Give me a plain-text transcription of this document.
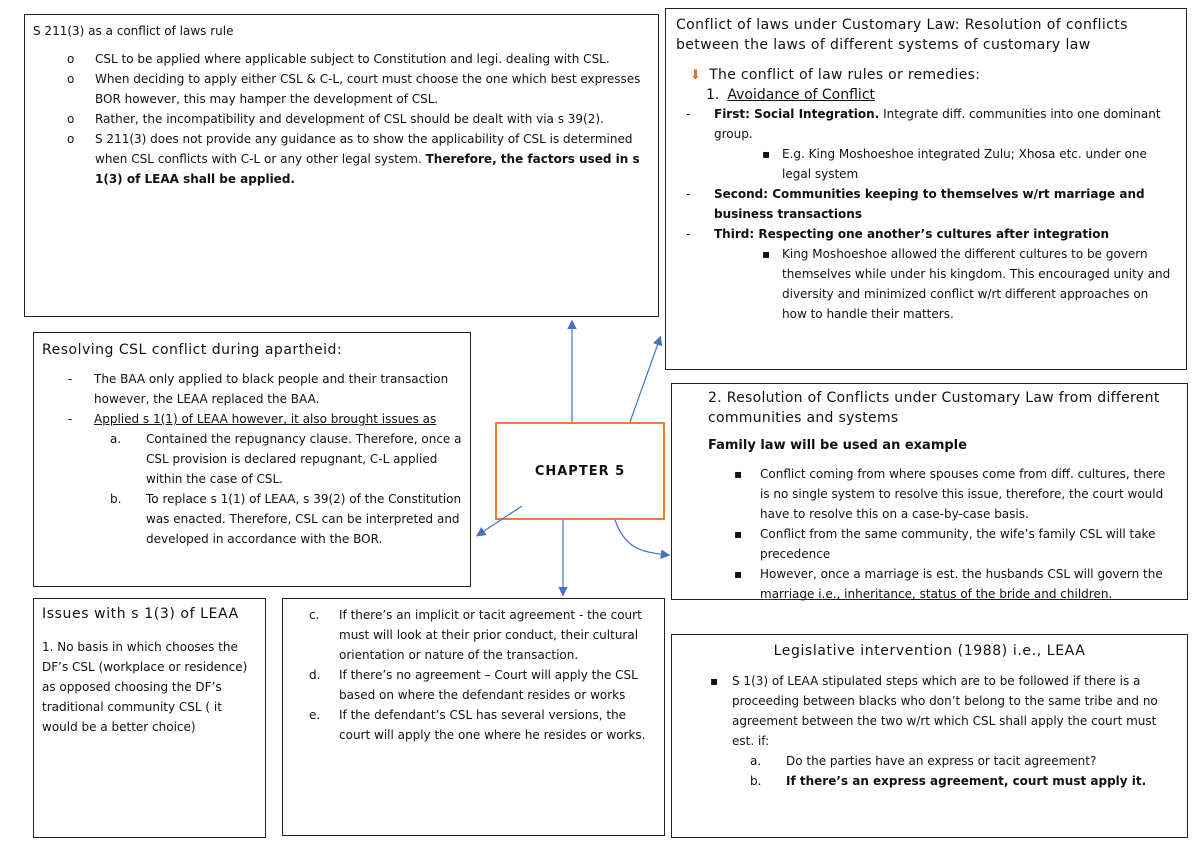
S 211(3) as a conflict of laws rule
o CSL to be applied where applicable subject to Constitution and legi. dealing with CSL.
o When deciding to apply either CSL & C-L, court must choose the one which best expresses BOR however, this may hamper the development of CSL.
o Rather, the incompatibility and development of CSL should be dealt with via s 39(2).
o S 211(3) does not provide any guidance as to show the applicability of CSL is determined when CSL conflicts with C-L or any other legal system. Therefore, the factors used in s 1(3) of LEAA shall be applied.
Conflict of laws under Customary Law: Resolution of conflicts between the laws of different systems of customary law
⬇ The conflict of law rules or remedies:
1. Avoidance of Conflict
- First: Social Integration. Integrate diff. communities into one dominant group.
▪ E.g. King Moshoeshoe integrated Zulu; Xhosa etc. under one legal system
- Second: Communities keeping to themselves w/rt marriage and business transactions
- Third: Respecting one another’s cultures after integration
▪ King Moshoeshoe allowed the different cultures to be govern themselves while under his kingdom. This encouraged unity and diversity and minimized conflict w/rt different approaches on how to handle their matters.
Resolving CSL conflict during apartheid:
- The BAA only applied to black people and their transaction however, the LEAA replaced the BAA.
- Applied s 1(1) of LEAA however, it also brought issues as
a. Contained the repugnancy clause. Therefore, once a CSL provision is declared repugnant, C-L applied within the case of CSL.
b. To replace s 1(1) of LEAA, s 39(2) of the Constitution was enacted. Therefore, CSL can be interpreted and developed in accordance with the BOR.
CHAPTER 5
2. Resolution of Conflicts under Customary Law from different communities and systems
Family law will be used an example
▪ Conflict coming from where spouses come from diff. cultures, there is no single system to resolve this issue, therefore, the court would have to resolve this on a case-by-case basis.
▪ Conflict from the same community, the wife’s family CSL will take precedence
▪ However, once a marriage is est. the husbands CSL will govern the marriage i.e., inheritance, status of the bride and children.
Issues with s 1(3) of LEAA
1. No basis in which chooses the DF’s CSL (workplace or residence) as opposed choosing the DF’s traditional community CSL ( it would be a better choice)
c. If there’s an implicit or tacit agreement - the court must will look at their prior conduct, their cultural orientation or nature of the transaction.
d. If there’s no agreement – Court will apply the CSL based on where the defendant resides or works
e. If the defendant’s CSL has several versions, the court will apply the one where he resides or works.
Legislative intervention (1988) i.e., LEAA
▪ S 1(3) of LEAA stipulated steps which are to be followed if there is a proceeding between blacks who don’t belong to the same tribe and no agreement between the two w/rt which CSL shall apply the court must est. if:
a. Do the parties have an express or tacit agreement?
b. If there’s an express agreement, court must apply it.
